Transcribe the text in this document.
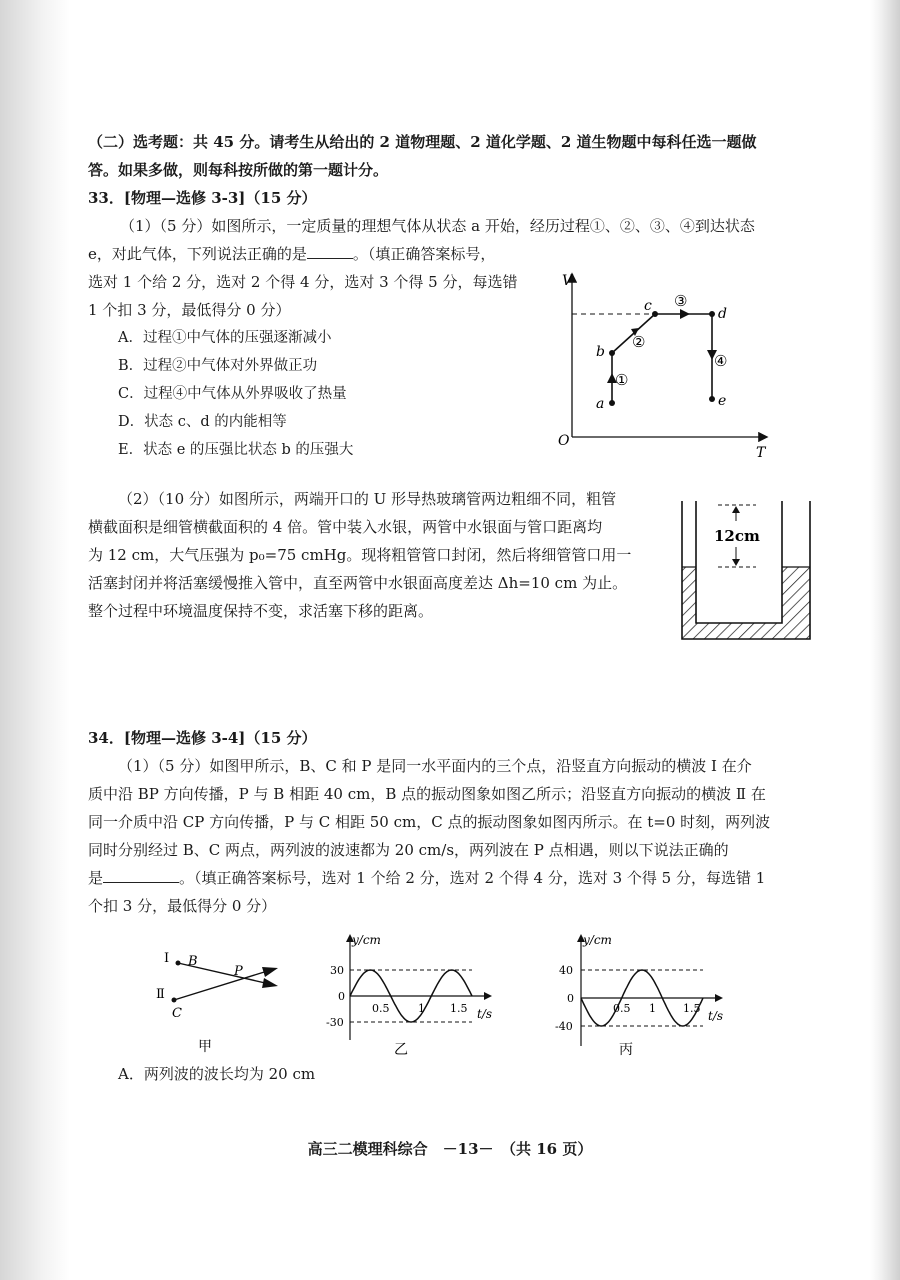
（二）选考题：共 45 分。请考生从给出的 2 道物理题、2 道化学题、2 道生物题中每科任选一题做
答。如果多做，则每科按所做的第一题计分。
33．[物理—选修 3-3]（15 分）
（1）（5 分）如图所示，一定质量的理想气体从状态 a 开始，经历过程①、②、③、④到达状态
e，对此气体，下列说法正确的是	。（填正确答案标号，
选对 1 个给 2 分，选对 2 个得 4 分，选对 3 个得 5 分，每选错
1 个扣 3 分，最低得分 0 分）
A．过程①中气体的压强逐渐减小
B．过程②中气体对外界做正功
C．过程④中气体从外界吸收了热量
D．状态 c、d 的内能相等
E．状态 e 的压强比状态 b 的压强大
O
V
T
a
b
c	d
e
①
②
③
④
（2）（10 分）如图所示，两端开口的 U 形导热玻璃管两边粗细不同，粗管
横截面积是细管横截面积的 4 倍。管中装入水银，两管中水银面与管口距离均
为 12 cm，大气压强为 p₀=75 cmHg。现将粗管管口封闭，然后将细管管口用一
活塞封闭并将活塞缓慢推入管中，直至两管中水银面高度差达 Δh=10 cm 为止。
整个过程中环境温度保持不变，求活塞下移的距离。
12cm
34．[物理—选修 3-4]（15 分）
（1）（5 分）如图甲所示，B、C 和 P 是同一水平面内的三个点，沿竖直方向振动的横波 Ⅰ 在介
质中沿 BP 方向传播，P 与 B 相距 40 cm，B 点的振动图象如图乙所示；沿竖直方向振动的横波 Ⅱ 在
同一介质中沿 CP 方向传播，P 与 C 相距 50 cm，C 点的振动图象如图丙所示。在 t=0 时刻，两列波
同时分别经过 B、C 两点，两列波的波速都为 20 cm/s，两列波在 P 点相遇，则以下说法正确的
是	。（填正确答案标号，选对 1 个给 2 分，选对 2 个得 4 分，选对 3 个得 5 分，每选错 1
个扣 3 分，最低得分 0 分）
Ⅰ
Ⅱ
B
C
P
甲
y/cm
t/s
30
0
-30
0.5	1 1.5
乙
y/cm
t/s
40
0
-40
0.5 1 1.5
丙
A．两列波的波长均为 20 cm
高三二模理科综合　－13－　（共 16 页）
